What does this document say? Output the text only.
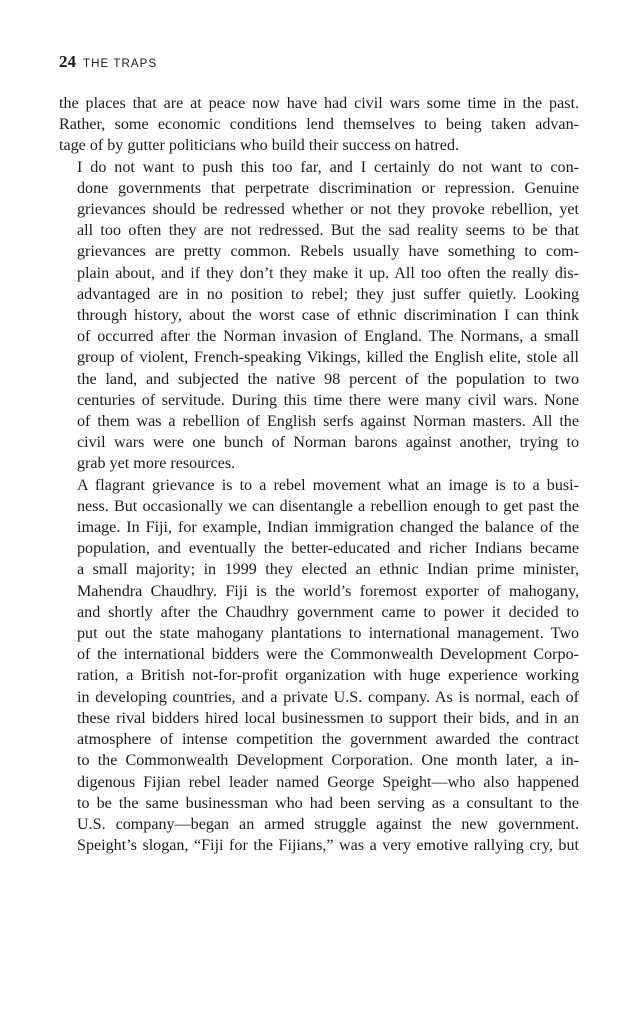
24 THE TRAPS

the places that are at peace now have had civil wars some time in the past.
Rather, some economic conditions lend themselves to being taken advan-
tage of by gutter politicians who build their success on hatred.

I do not want to push this too far, and I certainly do not want to con-
done governments that perpetrate discrimination or repression. Genuine
grievances should be redressed whether or not they provoke rebellion, yet
all too often they are not redressed. But the sad reality seems to be that
grievances are pretty common. Rebels usually have something to com-
plain about, and if they don’t they make it up. All too often the really dis-
advantaged are in no position to rebel; they just suffer quietly. Looking
through history, about the worst case of ethnic discrimination I can think
of occurred after the Norman invasion of England. The Normans, a small
group of violent, French-speaking Vikings, killed the English elite, stole all
the land, and subjected the native 98 percent of the population to two
centuries of servitude. During this time there were many civil wars. None
of them was a rebellion of English serfs against Norman masters. All the
civil wars were one bunch of Norman barons against another, trying to
grab yet more resources.

A flagrant grievance is to a rebel movement what an image is to a busi-
ness. But occasionally we can disentangle a rebellion enough to get past the
image. In Fiji, for example, Indian immigration changed the balance of the
population, and eventually the better-educated and richer Indians became
a small majority; in 1999 they elected an ethnic Indian prime minister,
Mahendra Chaudhry. Fiji is the world’s foremost exporter of mahogany,
and shortly after the Chaudhry government came to power it decided to
put out the state mahogany plantations to international management. Two
of the international bidders were the Commonwealth Development Corpo-
ration, a British not-for-profit organization with huge experience working
in developing countries, and a private U.S. company. As is normal, each of
these rival bidders hired local businessmen to support their bids, and in an
atmosphere of intense competition the government awarded the contract
to the Commonwealth Development Corporation. One month later, a in-
digenous Fijian rebel leader named George Speight—who also happened
to be the same businessman who had been serving as a consultant to the
U.S. company—began an armed struggle against the new government.
Speight’s slogan, “Fiji for the Fijians,” was a very emotive rallying cry, but
